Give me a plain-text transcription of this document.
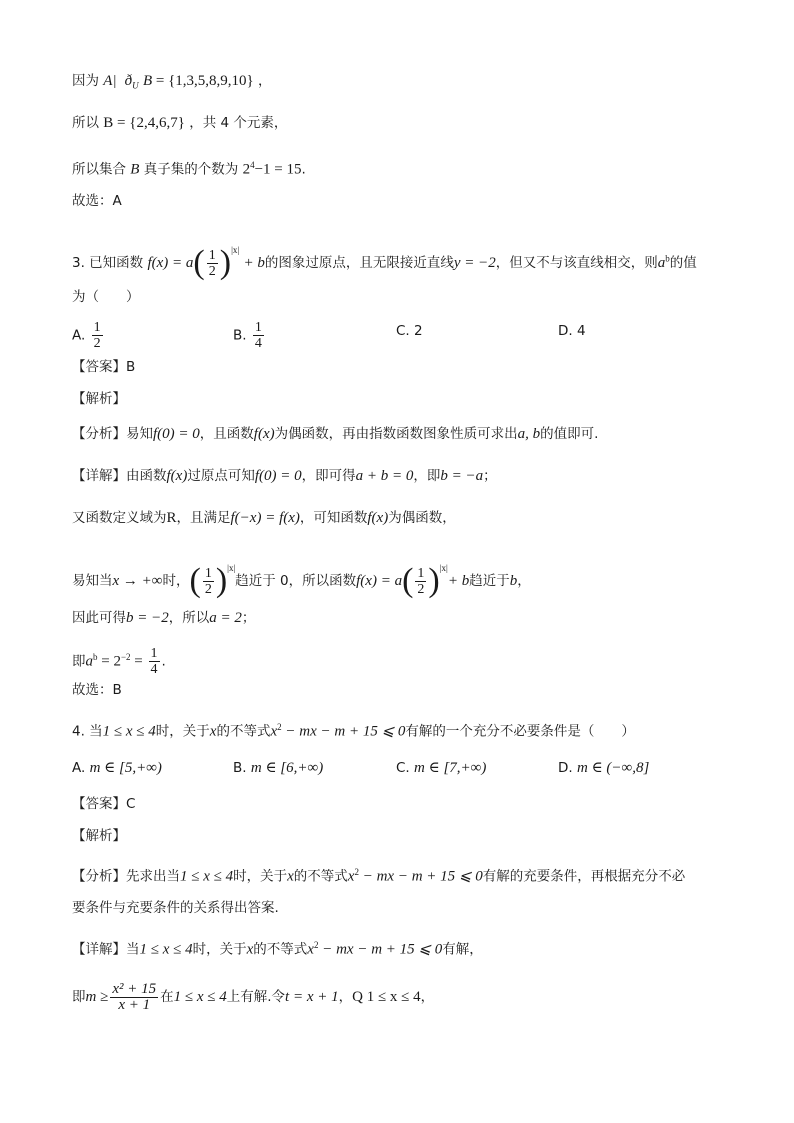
因为 A|  $ð_U$ B = {1,3,5,8,9,10} ，
所以 B = {2,4,6,7} ，共 4 个元素，
所以集合 B 真子集的个数为 $2^4-1 = 15$.
故选：A
3. 已知函数 $f(x) = a( \frac{1}{2} )^{|x|} + b$的图象过原点，且无限接近直线y = −2，但又不与该直线相交，则$a^b$的值
为（　　）
A. $\frac{1}{2}$	B. $\frac{1}{4}$	C. 2	D. 4
【答案】B
【解析】
【分析】易知f(0) = 0，且函数f(x)为偶函数，再由指数函数图象性质可求出a, b的值即可.
【详解】由函数f(x)过原点可知f(0) = 0，即可得a + b = 0，即b = −a；
又函数定义域为R，且满足f(−x) = f(x)，可知函数f(x)为偶函数，
易知当x → +∞时，( $\frac{1}{2} )^{|x|}$趋近于 0，所以函数$f(x) = a( \frac{1}{2} )^{|x|}+ b$趋近于b，
因此可得b = −2，所以a = 2；
即$a^b = 2^{-2} = \frac{1}{4}$ .
故选：B
4. 当1 ≤ x ≤ 4时，关于x的不等式$x^2$ − mx − m + 15 ⩽ 0有解的一个充分不必要条件是（　　）
A. m ∈ [5,+∞)	B. m ∈ [6,+∞)	C. m ∈ [7,+∞)	D. m ∈ (−∞,8]
【答案】C
【解析】
【分析】先求出当1 ≤ x ≤ 4时，关于x的不等式$x^2$ − mx − m + 15 ⩽ 0有解的充要条件，再根据充分不必
要条件与充要条件的关系得出答案.
【详解】当1 ≤ x ≤ 4时，关于x的不等式$x^2$ − mx − m + 15 ⩽ 0有解，
即$m \ge \frac{\text{x² + 15}}{x + 1}$ 在1 ≤ x ≤ 4上有解.令t = x + 1，Q 1 ≤ x ≤ 4，
